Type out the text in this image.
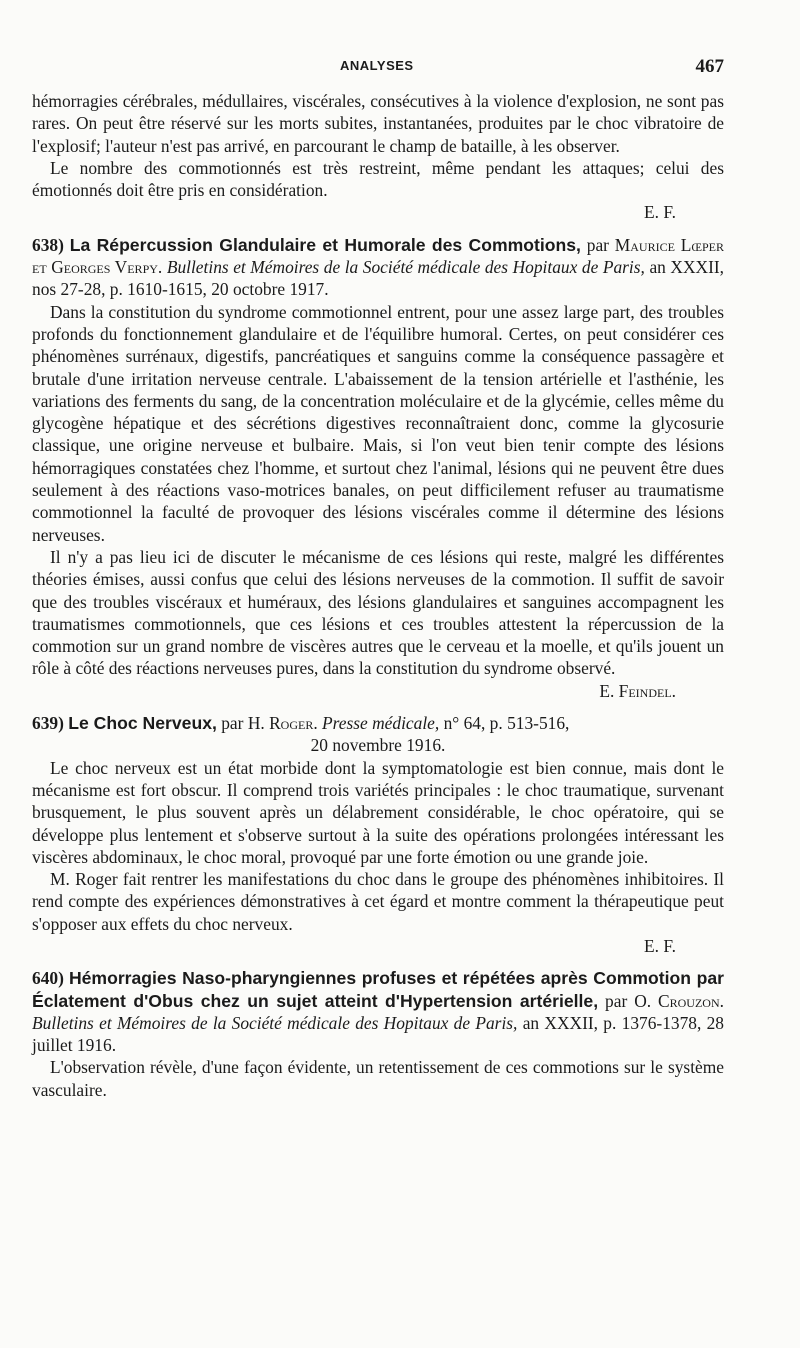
ANALYSES	467

hémorragies cérébrales, médullaires, viscérales, consécutives à la violence d'explosion, ne sont pas rares. On peut être réservé sur les morts subites, instantanées, produites par le choc vibratoire de l'explosif; l'auteur n'est pas arrivé, en parcourant le champ de bataille, à les observer.

Le nombre des commotionnés est très restreint, même pendant les attaques; celui des émotionnés doit être pris en considération.

E. F.

638) La Répercussion Glandulaire et Humorale des Commotions, par Maurice Lœper et Georges Verpy. Bulletins et Mémoires de la Société médicale des Hopitaux de Paris, an XXXII, nos 27-28, p. 1610-1615, 20 octobre 1917.

Dans la constitution du syndrome commotionnel entrent, pour une assez large part, des troubles profonds du fonctionnement glandulaire et de l'équilibre humoral. Certes, on peut considérer ces phénomènes surrénaux, digestifs, pancréatiques et sanguins comme la conséquence passagère et brutale d'une irritation nerveuse centrale. L'abaissement de la tension artérielle et l'asthénie, les variations des ferments du sang, de la concentration moléculaire et de la glycémie, celles même du glycogène hépatique et des sécrétions digestives reconnaîtraient donc, comme la glycosurie classique, une origine nerveuse et bulbaire. Mais, si l'on veut bien tenir compte des lésions hémorragiques constatées chez l'homme, et surtout chez l'animal, lésions qui ne peuvent être dues seulement à des réactions vaso-motrices banales, on peut difficilement refuser au traumatisme commotionnel la faculté de provoquer des lésions viscérales comme il détermine des lésions nerveuses.

Il n'y a pas lieu ici de discuter le mécanisme de ces lésions qui reste, malgré les différentes théories émises, aussi confus que celui des lésions nerveuses de la commotion. Il suffit de savoir que des troubles viscéraux et huméraux, des lésions glandulaires et sanguines accompagnent les traumatismes commotionnels, que ces lésions et ces troubles attestent la répercussion de la commotion sur un grand nombre de viscères autres que le cerveau et la moelle, et qu'ils jouent un rôle à côté des réactions nerveuses pures, dans la constitution du syndrome observé.

E. Feindel.

639) Le Choc Nerveux, par H. Roger. Presse médicale, n° 64, p. 513-516,
20 novembre 1916.

Le choc nerveux est un état morbide dont la symptomatologie est bien connue, mais dont le mécanisme est fort obscur. Il comprend trois variétés principales : le choc traumatique, survenant brusquement, le plus souvent après un délabrement considérable, le choc opératoire, qui se développe plus lentement et s'observe surtout à la suite des opérations prolongées intéressant les viscères abdominaux, le choc moral, provoqué par une forte émotion ou une grande joie.

M. Roger fait rentrer les manifestations du choc dans le groupe des phénomènes inhibitoires. Il rend compte des expériences démonstratives à cet égard et montre comment la thérapeutique peut s'opposer aux effets du choc nerveux.

E. F.

640) Hémorragies Naso-pharyngiennes profuses et répétées après Commotion par Éclatement d'Obus chez un sujet atteint d'Hypertension artérielle, par O. Crouzon. Bulletins et Mémoires de la Société médicale des Hopitaux de Paris, an XXXII, p. 1376-1378, 28 juillet 1916.

L'observation révèle, d'une façon évidente, un retentissement de ces commotions sur le système vasculaire.
